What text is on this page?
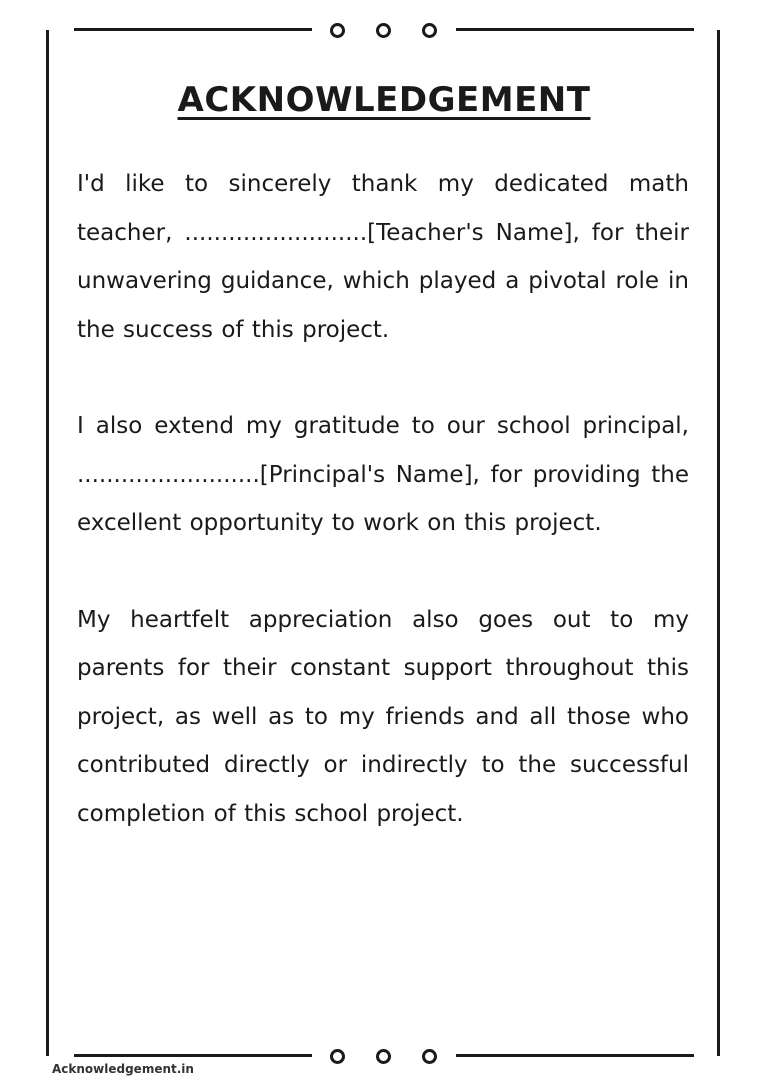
ACKNOWLEDGEMENT

I'd like to sincerely thank my dedicated math teacher, .........................[Teacher's Name], for their unwavering guidance, which played a pivotal role in the success of this project.

I also extend my gratitude to our school principal, .........................[Principal's Name], for providing the excellent opportunity to work on this project.

My heartfelt appreciation also goes out to my parents for their constant support throughout this project, as well as to my friends and all those who contributed directly or indirectly to the successful completion of this school project.

Acknowledgement.in
